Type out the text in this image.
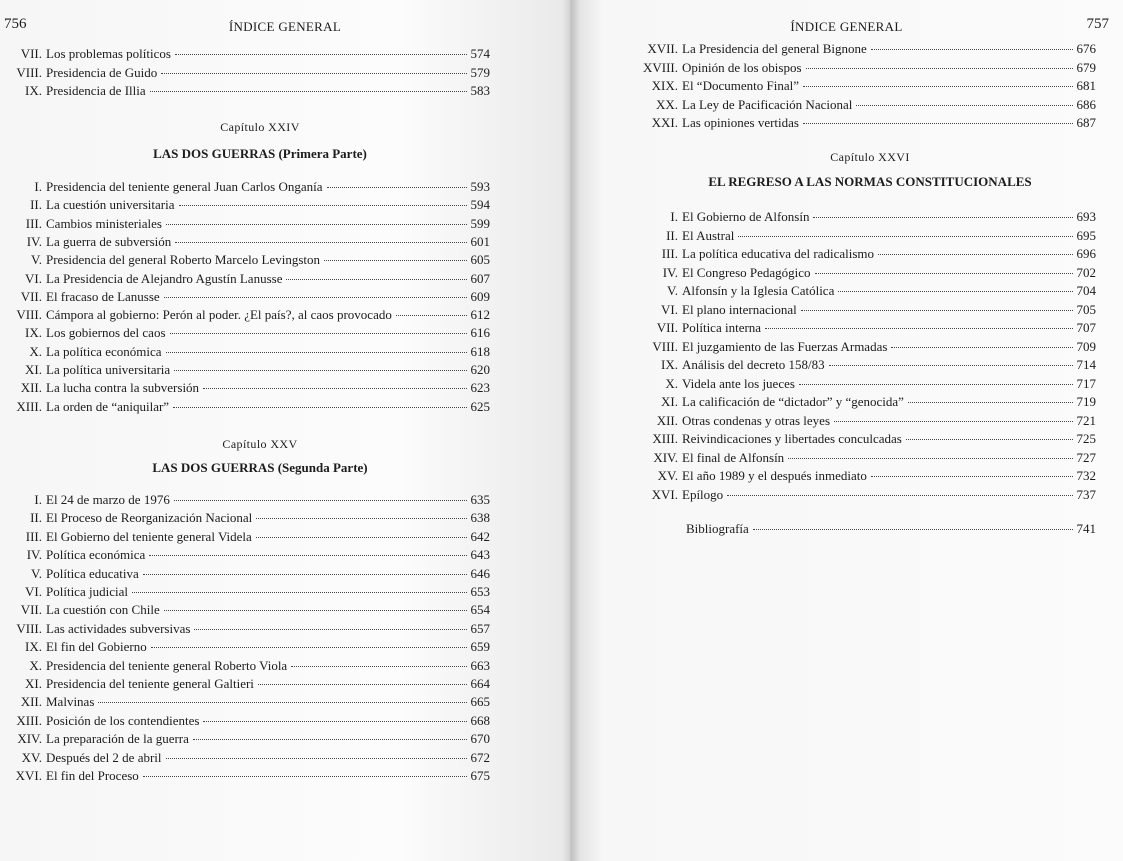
756	ÍNDICE GENERAL
VII. Los problemas políticos	574
VIII. Presidencia de Guido	579
IX. Presidencia de Illia	583
Capítulo XXIV
LAS DOS GUERRAS (Primera Parte)
I. Presidencia del teniente general Juan Carlos Onganía	593
II. La cuestión universitaria	594
III. Cambios ministeriales	599
IV. La guerra de subversión	601
V. Presidencia del general Roberto Marcelo Levingston	605
VI. La Presidencia de Alejandro Agustín Lanusse	607
VII. El fracaso de Lanusse	609
VIII. Cámpora al gobierno: Perón al poder. ¿El país?, al caos provocado	612
IX. Los gobiernos del caos	616
X. La política económica	618
XI. La política universitaria	620
XII. La lucha contra la subversión	623
XIII. La orden de “aniquilar”	625
Capítulo XXV
LAS DOS GUERRAS (Segunda Parte)
I. El 24 de marzo de 1976	635
II. El Proceso de Reorganización Nacional	638
III. El Gobierno del teniente general Videla	642
IV. Política económica	643
V. Política educativa	646
VI. Política judicial	653
VII. La cuestión con Chile	654
VIII. Las actividades subversivas	657
IX. El fin del Gobierno	659
X. Presidencia del teniente general Roberto Viola	663
XI. Presidencia del teniente general Galtieri	664
XII. Malvinas	665
XIII. Posición de los contendientes	668
XIV. La preparación de la guerra	670
XV. Después del 2 de abril	672
XVI. El fin del Proceso	675
ÍNDICE GENERAL	757
XVII. La Presidencia del general Bignone	676
XVIII. Opinión de los obispos	679
XIX. El “Documento Final”	681
XX. La Ley de Pacificación Nacional	686
XXI. Las opiniones vertidas	687
Capítulo XXVI
EL REGRESO A LAS NORMAS CONSTITUCIONALES
I. El Gobierno de Alfonsín	693
II. El Austral	695
III. La política educativa del radicalismo	696
IV. El Congreso Pedagógico	702
V. Alfonsín y la Iglesia Católica	704
VI. El plano internacional	705
VII. Política interna	707
VIII. El juzgamiento de las Fuerzas Armadas	709
IX. Análisis del decreto 158/83	714
X. Videla ante los jueces	717
XI. La calificación de “dictador” y “genocida”	719
XII. Otras condenas y otras leyes	721
XIII. Reivindicaciones y libertades conculcadas	725
XIV. El final de Alfonsín	727
XV. El año 1989 y el después inmediato	732
XVI. Epílogo	737
Bibliografía	741
